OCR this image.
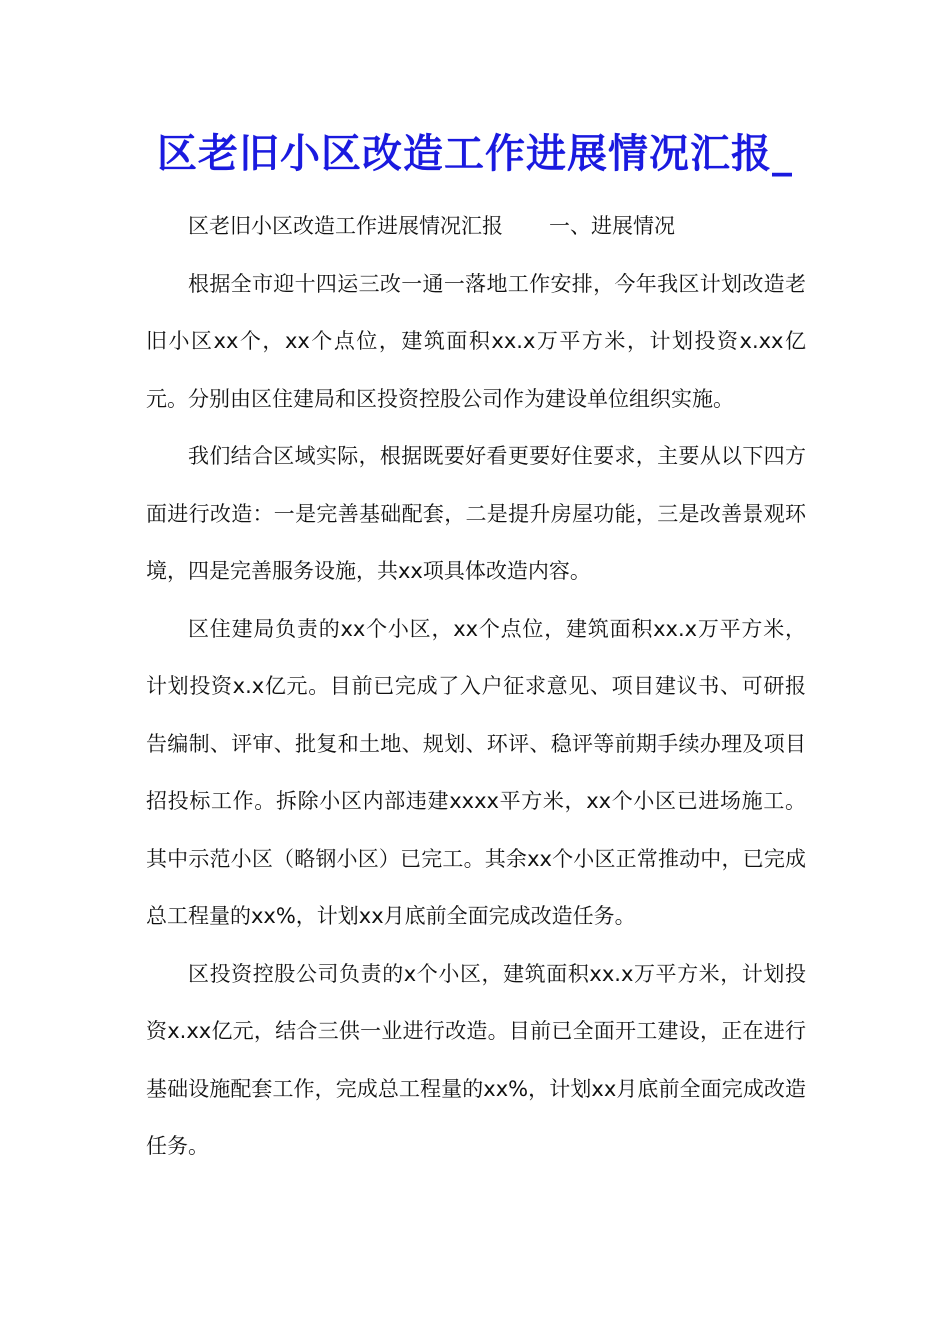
区老旧小区改造工作进展情况汇报_

区老旧小区改造工作进展情况汇报 一、进展情况

根据全市迎十四运三改一通一落地工作安排，今年我区计划改造老旧小区xx个，xx个点位，建筑面积xx.x万平方米，计划投资x.xx亿元。分别由区住建局和区投资控股公司作为建设单位组织实施。

我们结合区域实际，根据既要好看更要好住要求，主要从以下四方面进行改造：一是完善基础配套，二是提升房屋功能，三是改善景观环境，四是完善服务设施，共xx项具体改造内容。

区住建局负责的xx个小区，xx个点位，建筑面积xx.x万平方米，计划投资x.x亿元。目前已完成了入户征求意见、项目建议书、可研报告编制、评审、批复和土地、规划、环评、稳评等前期手续办理及项目招投标工作。拆除小区内部违建xxxx平方米，xx个小区已进场施工。其中示范小区（略钢小区）已完工。其余xx个小区正常推动中，已完成总工程量的xx%，计划xx月底前全面完成改造任务。

区投资控股公司负责的x个小区，建筑面积xx.x万平方米，计划投资x.xx亿元，结合三供一业进行改造。目前已全面开工建设，正在进行基础设施配套工作，完成总工程量的xx%，计划xx月底前全面完成改造任务。
